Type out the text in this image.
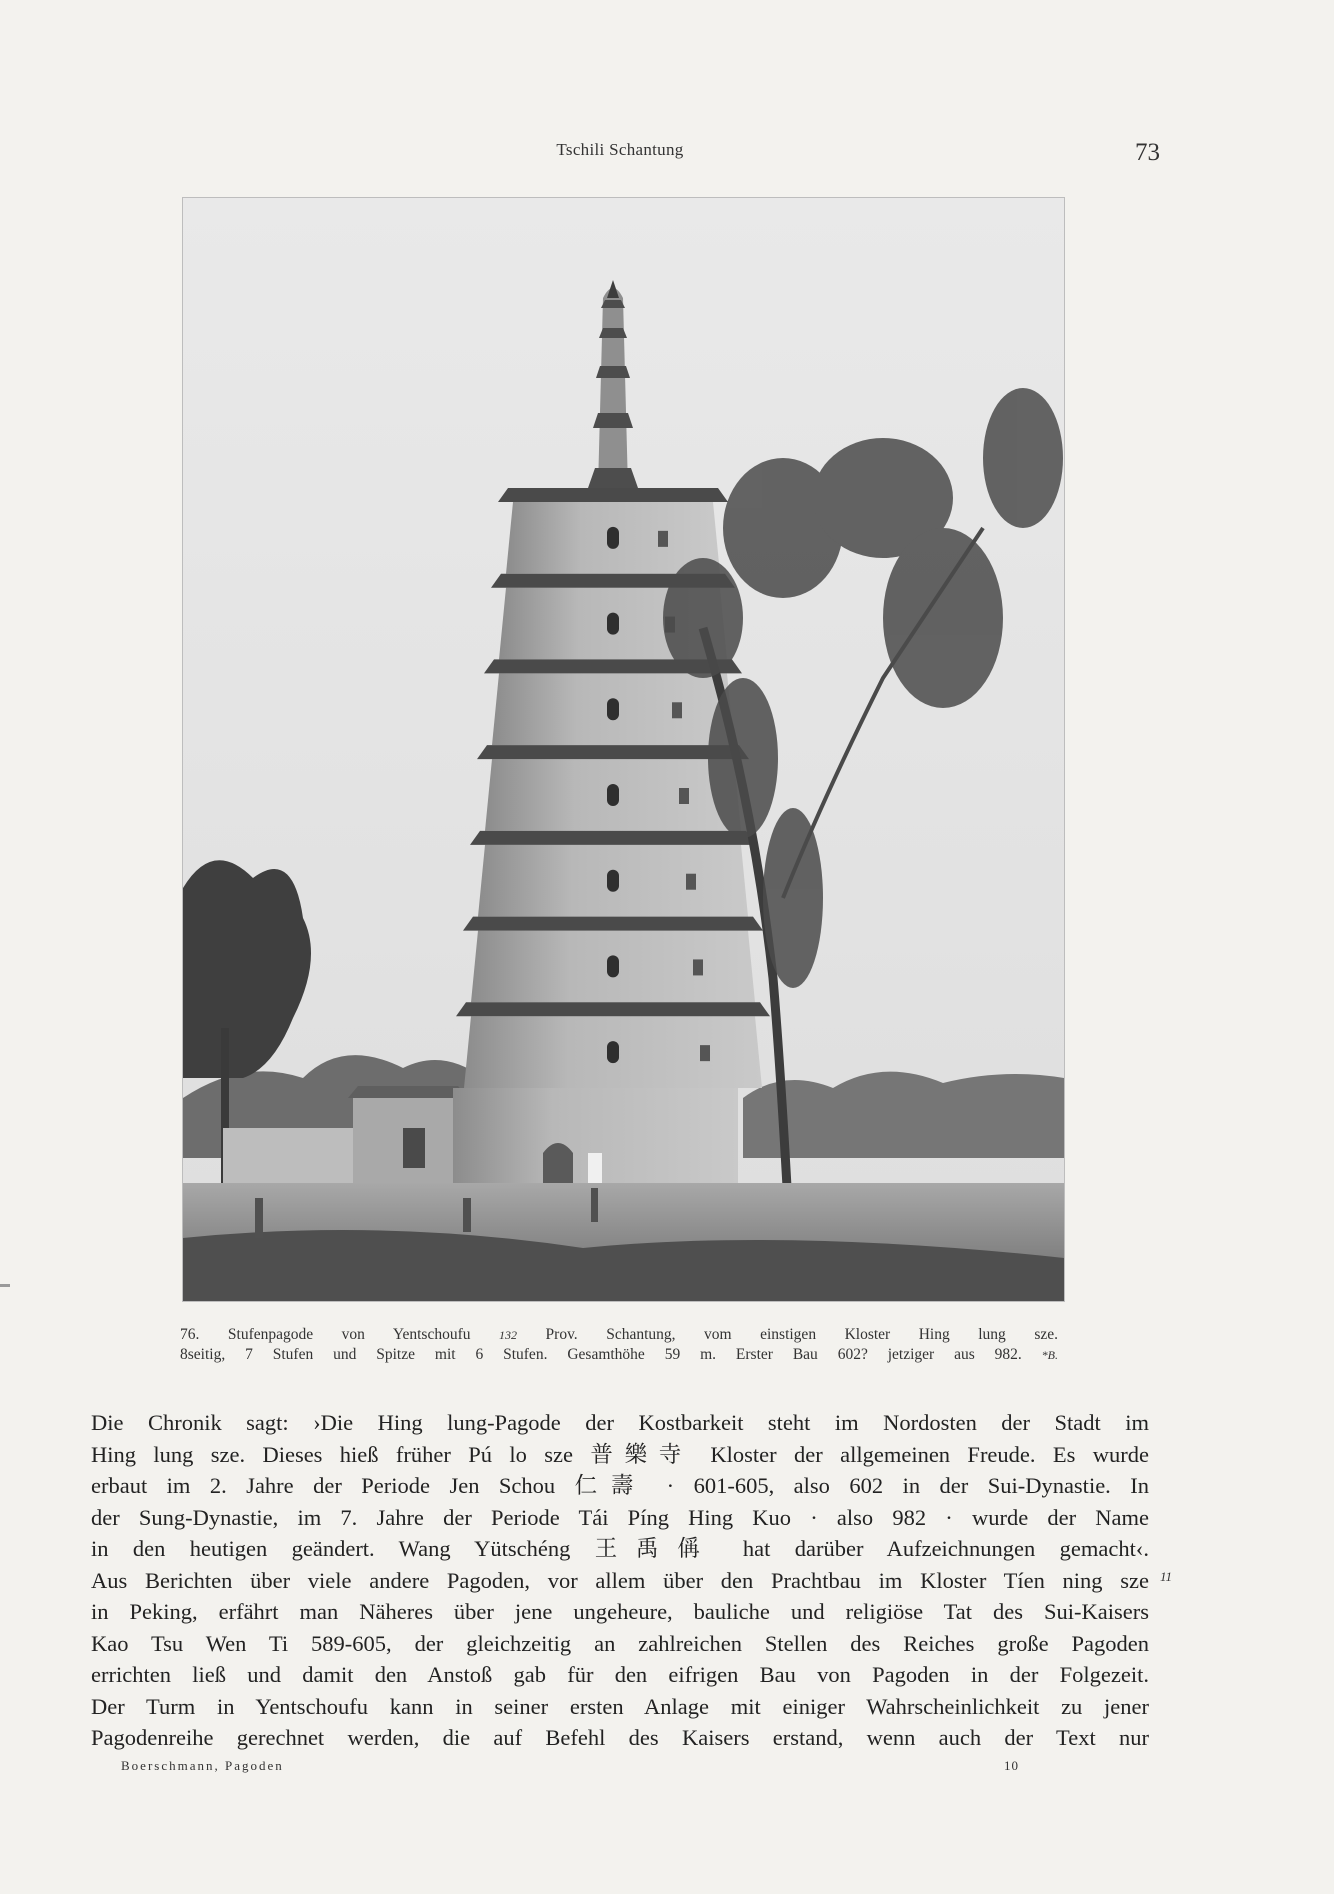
Tschili Schantung	73
76. Stufenpagode von Yentschoufu 132 Prov. Schantung, vom einstigen Kloster Hing lung sze.
8seitig, 7 Stufen und Spitze mit 6 Stufen. Gesamthöhe 59 m. Erster Bau 602? jetziger aus 982. *B.
Die Chronik sagt: ›Die Hing lung-Pagode der Kostbarkeit steht im Nordosten der Stadt im
Hing lung sze. Dieses hieß früher Pú lo sze 普樂寺 Kloster der allgemeinen Freude. Es wurde
erbaut im 2. Jahre der Periode Jen Schou 仁壽 · 601-605, also 602 in der Sui-Dynastie. In
der Sung-Dynastie, im 7. Jahre der Periode Tái Píng Hing Kuo · also 982 · wurde der Name
in den heutigen geändert. Wang Yütschéng 王禹偁 hat darüber Aufzeichnungen gemacht‹.
Aus Berichten über viele andere Pagoden, vor allem über den Prachtbau im Kloster Tíen ning sze
in Peking, erfährt man Näheres über jene ungeheure, bauliche und religiöse Tat des Sui-Kaisers
Kao Tsu Wen Ti 589-605, der gleichzeitig an zahlreichen Stellen des Reiches große Pagoden
errichten ließ und damit den Anstoß gab für den eifrigen Bau von Pagoden in der Folgezeit.
Der Turm in Yentschoufu kann in seiner ersten Anlage mit einiger Wahrscheinlichkeit zu jener
Pagodenreihe gerechnet werden, die auf Befehl des Kaisers erstand, wenn auch der Text nur
11
Boerschmann, Pagoden	10
